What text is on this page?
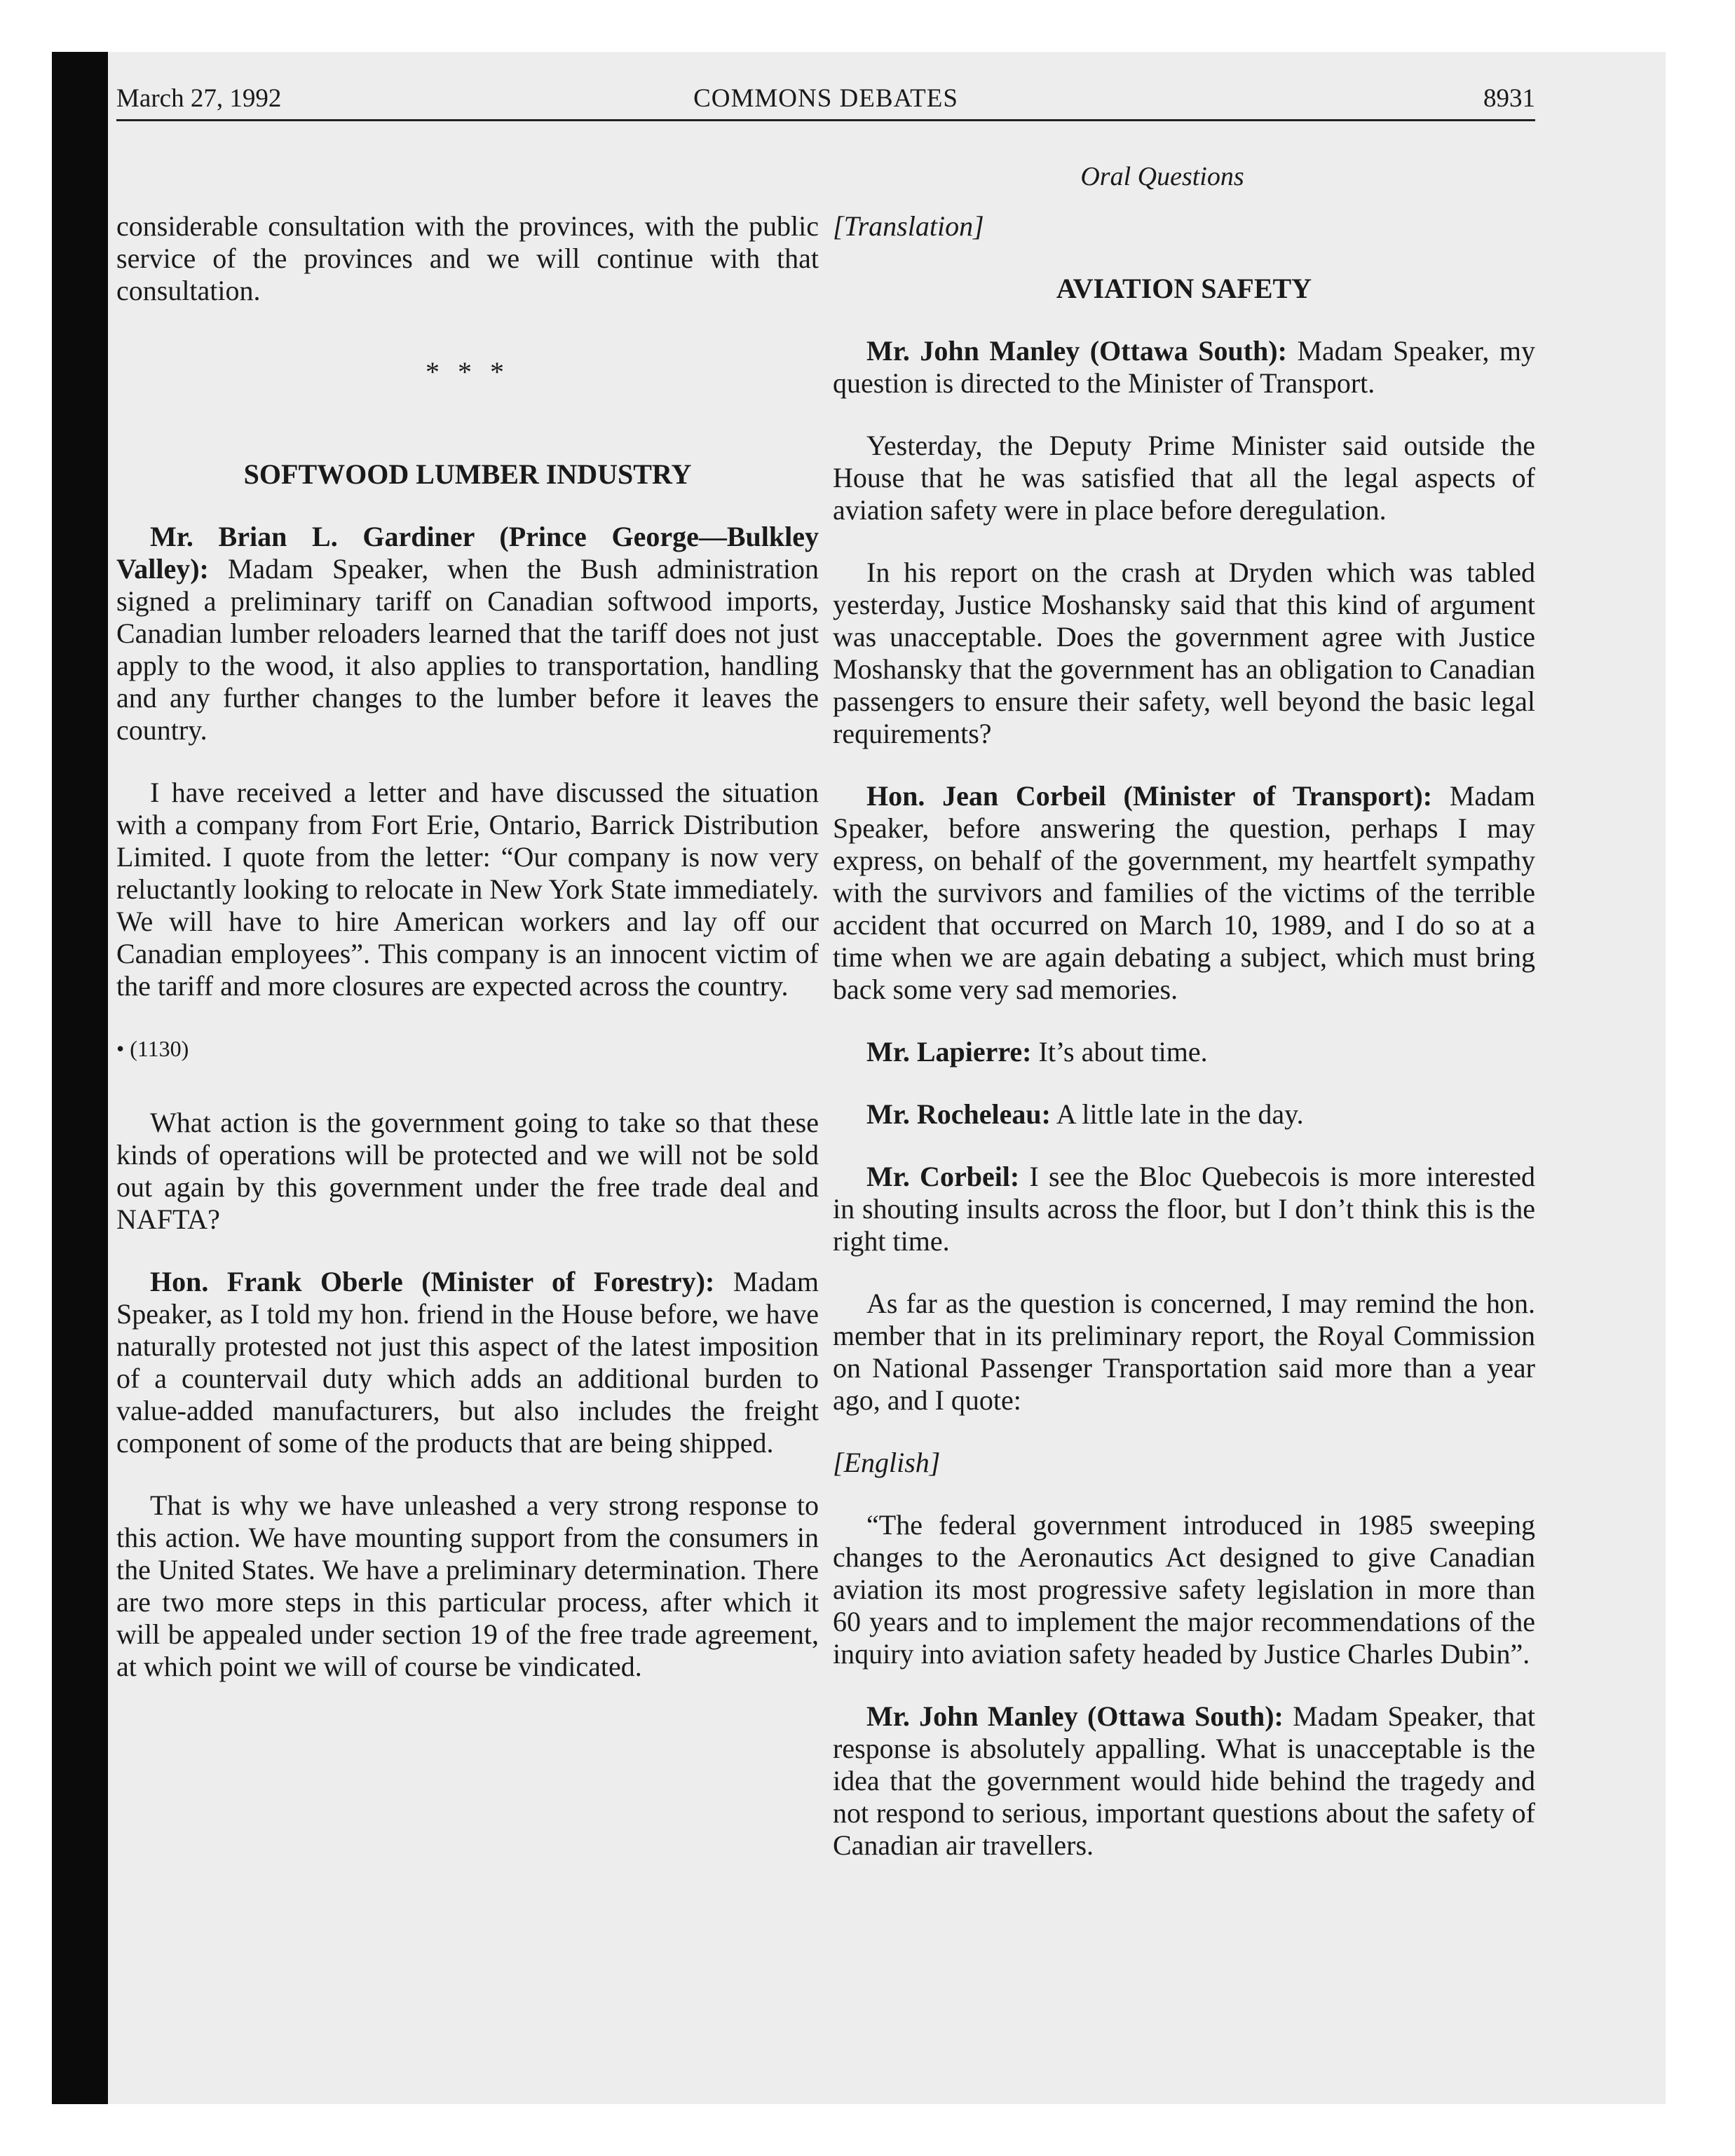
March 27, 1992	COMMONS DEBATES	8931
Oral Questions

considerable consultation with the provinces, with the public service of the provinces and we will continue with that consultation.

* * *

SOFTWOOD LUMBER INDUSTRY

Mr. Brian L. Gardiner (Prince George—Bulkley Valley): Madam Speaker, when the Bush administration signed a preliminary tariff on Canadian softwood imports, Canadian lumber reloaders learned that the tariff does not just apply to the wood, it also applies to transportation, handling and any further changes to the lumber before it leaves the country.

I have received a letter and have discussed the situation with a company from Fort Erie, Ontario, Barrick Distribution Limited. I quote from the letter: “Our company is now very reluctantly looking to relocate in New York State immediately. We will have to hire American workers and lay off our Canadian employees”. This company is an innocent victim of the tariff and more closures are expected across the country.

• (1130)

What action is the government going to take so that these kinds of operations will be protected and we will not be sold out again by this government under the free trade deal and NAFTA?

Hon. Frank Oberle (Minister of Forestry): Madam Speaker, as I told my hon. friend in the House before, we have naturally protested not just this aspect of the latest imposition of a countervail duty which adds an additional burden to value-added manufacturers, but also includes the freight component of some of the products that are being shipped.

That is why we have unleashed a very strong response to this action. We have mounting support from the consumers in the United States. We have a preliminary determination. There are two more steps in this particular process, after which it will be appealed under section 19 of the free trade agreement, at which point we will of course be vindicated.

[Translation]

AVIATION SAFETY

Mr. John Manley (Ottawa South): Madam Speaker, my question is directed to the Minister of Transport.

Yesterday, the Deputy Prime Minister said outside the House that he was satisfied that all the legal aspects of aviation safety were in place before deregulation.

In his report on the crash at Dryden which was tabled yesterday, Justice Moshansky said that this kind of argument was unacceptable. Does the government agree with Justice Moshansky that the government has an obligation to Canadian passengers to ensure their safety, well beyond the basic legal requirements?

Hon. Jean Corbeil (Minister of Transport): Madam Speaker, before answering the question, perhaps I may express, on behalf of the government, my heartfelt sympathy with the survivors and families of the victims of the terrible accident that occurred on March 10, 1989, and I do so at a time when we are again debating a subject, which must bring back some very sad memories.

Mr. Lapierre: It’s about time.

Mr. Rocheleau: A little late in the day.

Mr. Corbeil: I see the Bloc Quebecois is more interested in shouting insults across the floor, but I don’t think this is the right time.

As far as the question is concerned, I may remind the hon. member that in its preliminary report, the Royal Commission on National Passenger Transportation said more than a year ago, and I quote:

[English]

“The federal government introduced in 1985 sweeping changes to the Aeronautics Act designed to give Canadian aviation its most progressive safety legislation in more than 60 years and to implement the major recommendations of the inquiry into aviation safety headed by Justice Charles Dubin”.

Mr. John Manley (Ottawa South): Madam Speaker, that response is absolutely appalling. What is unacceptable is the idea that the government would hide behind the tragedy and not respond to serious, important questions about the safety of Canadian air travellers.
